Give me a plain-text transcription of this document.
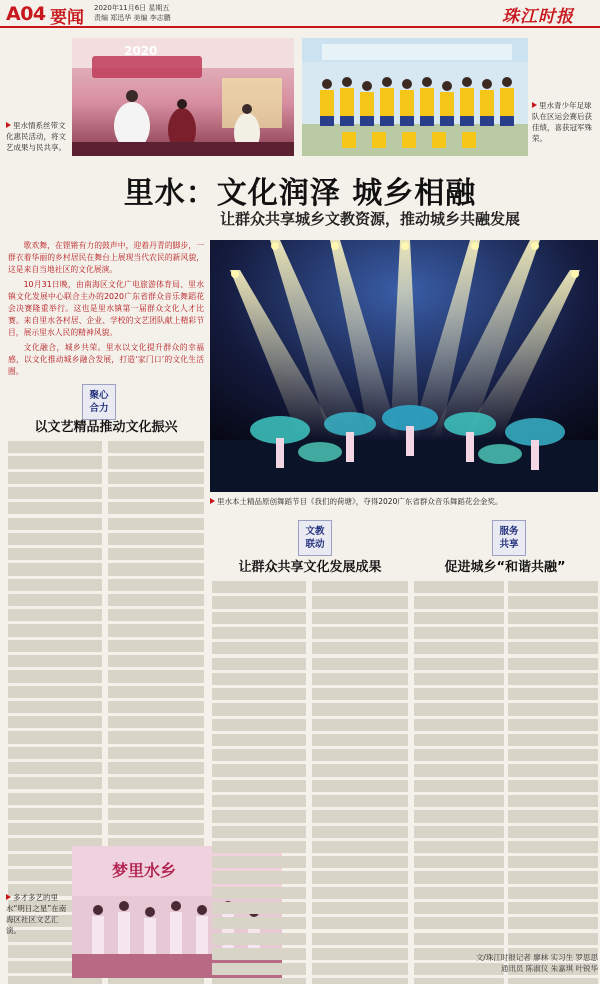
A04 要闻 2020年11月6日 星期五
责编 郑迅华 美编 李志鹏	珠江时报
2020
里水情系丝带文化惠民活动，将文艺成果与民共享。
里水青少年足球队在区运会赛后获佳绩，喜获冠军殊荣。
里水：文化润泽 城乡相融
让群众共享城乡文教资源，推动城乡共融发展

歌欢舞，在铿锵有力的鼓声中，迎着丹青的脚步，一群衣着华丽的乡村居民在舞台上展现当代农民的新风貌，这是来自当地社区的文化展演。

10月31日晚，由南海区文化广电旅游体育局、里水镇文化发展中心联合主办的2020广东省群众音乐舞蹈花会决赛隆重举行。这也是里水镇第一届群众文化人才比赛。来自里水各村居、企业、学校的文艺团队献上精彩节目，展示里水人民的精神风貌。

文化融合，城乡共荣。里水以文化提升群众的幸福感，以文化推动城乡融合发展，打造‘家门口’的文化生活圈。

里水本土精品原创舞蹈节目《我们的荷塘》，夺得2020广东省群众音乐舞蹈花会金奖。
聚心合力
以文艺精品推动文化振兴
多才多艺的里水“明日之星”在南海区社区文艺汇演。
梦里水乡
文教联动
让群众共享文化发展成果
服务共享
促进城乡“和谐共融”
文/珠江时报记者 廖林 实习生 罗思思
通讯员 陈淑仪 朱嘉琪 叶锐华
